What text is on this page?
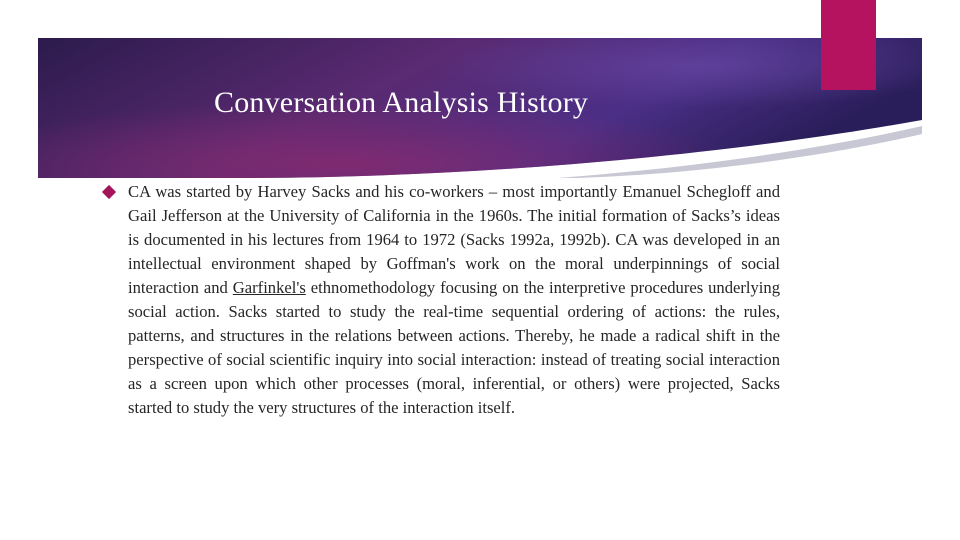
Conversation Analysis History

CA was started by Harvey Sacks and his co-workers – most importantly Emanuel Schegloff and Gail Jefferson at the University of California in the 1960s. The initial formation of Sacks’s ideas is documented in his lectures from 1964 to 1972 (Sacks 1992a, 1992b). CA was developed in an intellectual environment shaped by Goffman's work on the moral underpinnings of social interaction and Garfinkel's ethnomethodology focusing on the interpretive procedures underlying social action. Sacks started to study the real-time sequential ordering of actions: the rules, patterns, and structures in the relations between actions. Thereby, he made a radical shift in the perspective of social scientific inquiry into social interaction: instead of treating social interaction as a screen upon which other processes (moral, inferential, or others) were projected, Sacks started to study the very structures of the interaction itself.
